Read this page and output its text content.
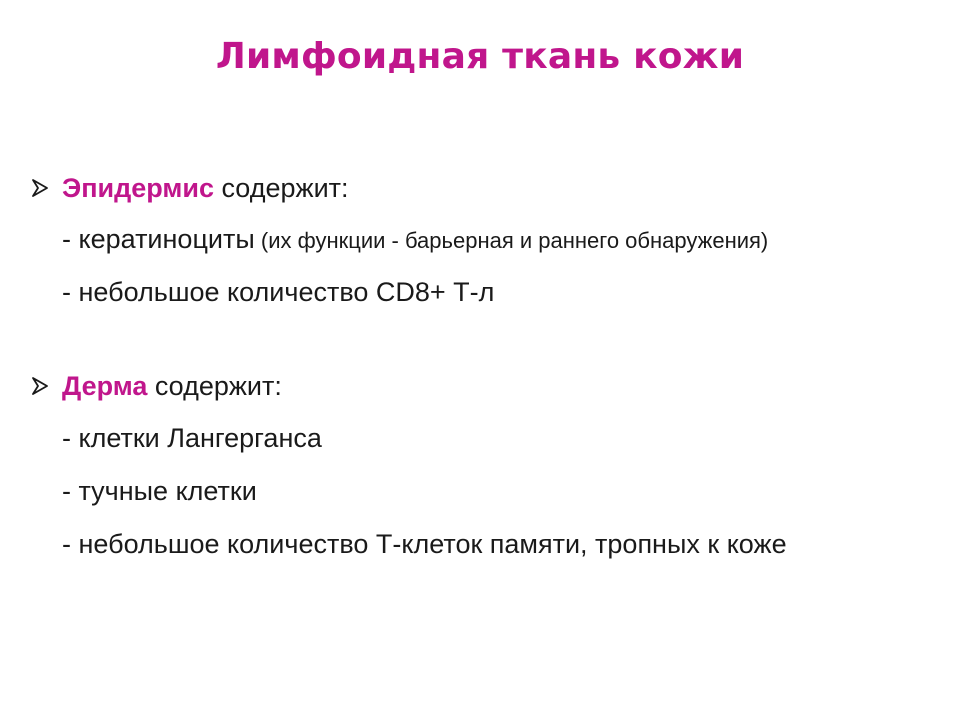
Лимфоидная ткань кожи
Эпидермис содержит:
- кератиноциты (их функции - барьерная и раннего обнаружения)
- небольшое количество CD8+ Т-л
Дерма содержит:
- клетки Лангерганса
- тучные клетки
- небольшое количество Т-клеток памяти, тропных к коже
